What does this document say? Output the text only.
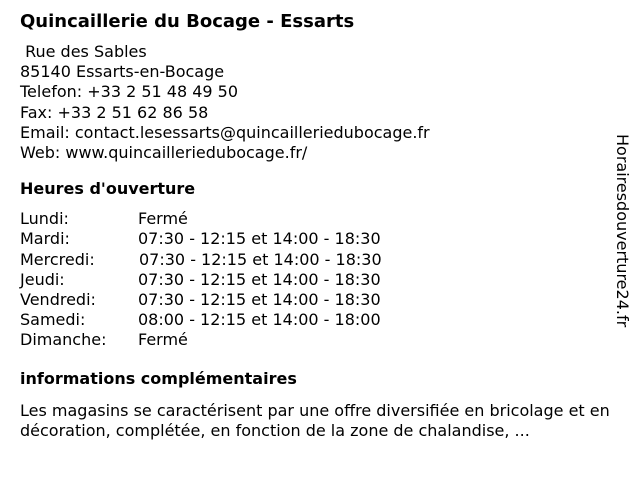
Quincaillerie du Bocage - Essarts
Rue des Sables
85140 Essarts-en-Bocage
Telefon: +33 2 51 48 49 50
Fax: +33 2 51 62 86 58
Email: contact.lesessarts@quincailleriedubocage.fr
Web: www.quincailleriedubocage.fr/
Heures d'ouverture
Lundi:	Fermé
Mardi:	07:30 - 12:15 et 14:00 - 18:30
Mercredi:	07:30 - 12:15 et 14:00 - 18:30
Jeudi:	07:30 - 12:15 et 14:00 - 18:30
Vendredi:	07:30 - 12:15 et 14:00 - 18:30
Samedi:	08:00 - 12:15 et 14:00 - 18:00
Dimanche: Fermé
informations complémentaires

Les magasins se caractérisent par une offre diversifiée en bricolage et en décoration, complétée, en fonction de la zone de chalandise, ...

Horairesdouverture24.fr
